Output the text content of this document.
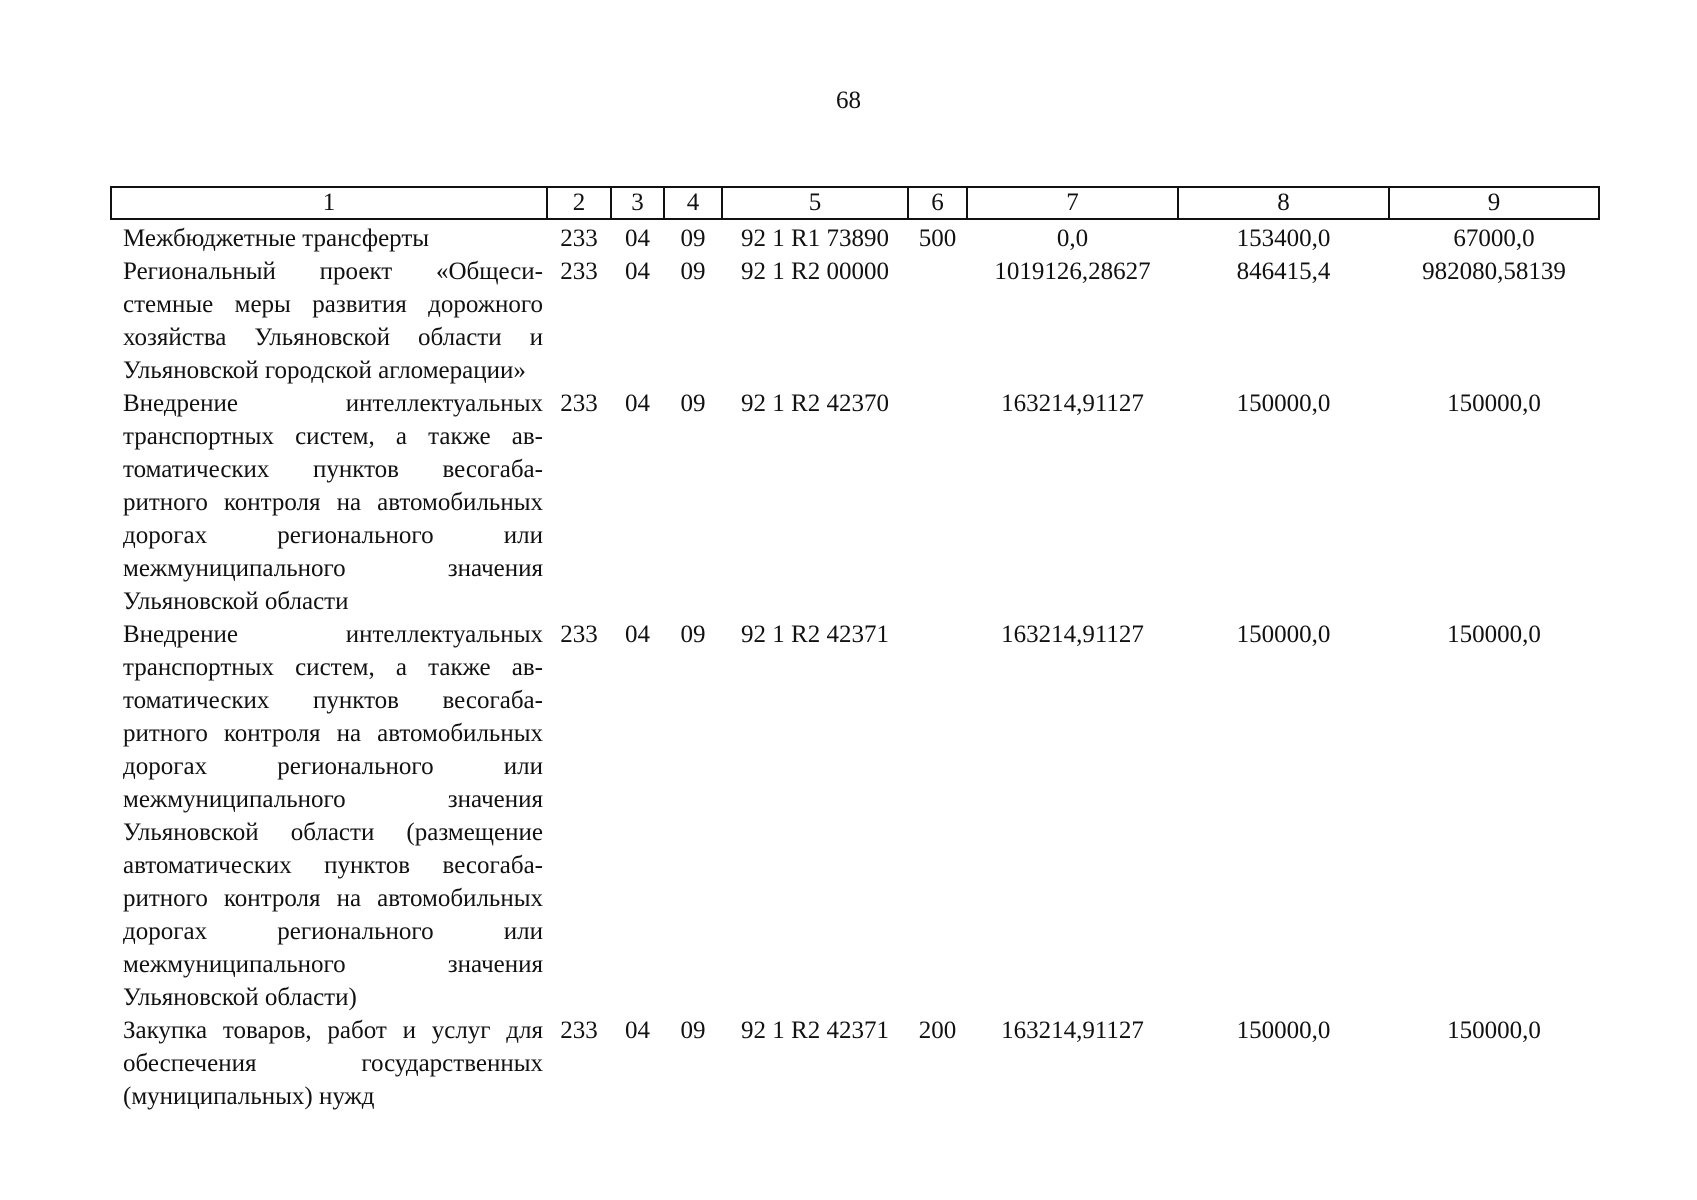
68
1	2	3	4	5	6	7	8	9
Межбюджетные трансферты	233	04	09	92 1 R1 73890	500	0,0	153400,0	67000,0
Региональный проект «Общесистемные меры развития дорожного хозяйства Ульяновской области и Ульяновской городской агломерации»	233	04	09	92 1 R2 00000		1019126,28627	846415,4	982080,58139
Внедрение интеллектуальных транспортных систем, а также автоматических пунктов весогабаритного контроля на автомобильных дорогах регионального или межмуниципального значения Ульяновской области	233	04	09	92 1 R2 42370		163214,91127	150000,0	150000,0
Внедрение интеллектуальных транспортных систем, а также автоматических пунктов весогабаритного контроля на автомобильных дорогах регионального или межмуниципального значения Ульяновской области (размещение автоматических пунктов весогабаритного контроля на автомобильных дорогах регионального или межмуниципального значения Ульяновской области)	233	04	09	92 1 R2 42371		163214,91127	150000,0	150000,0
Закупка товаров, работ и услуг для обеспечения государственных (муниципальных) нужд	233	04	09	92 1 R2 42371	200	163214,91127	150000,0	150000,0
